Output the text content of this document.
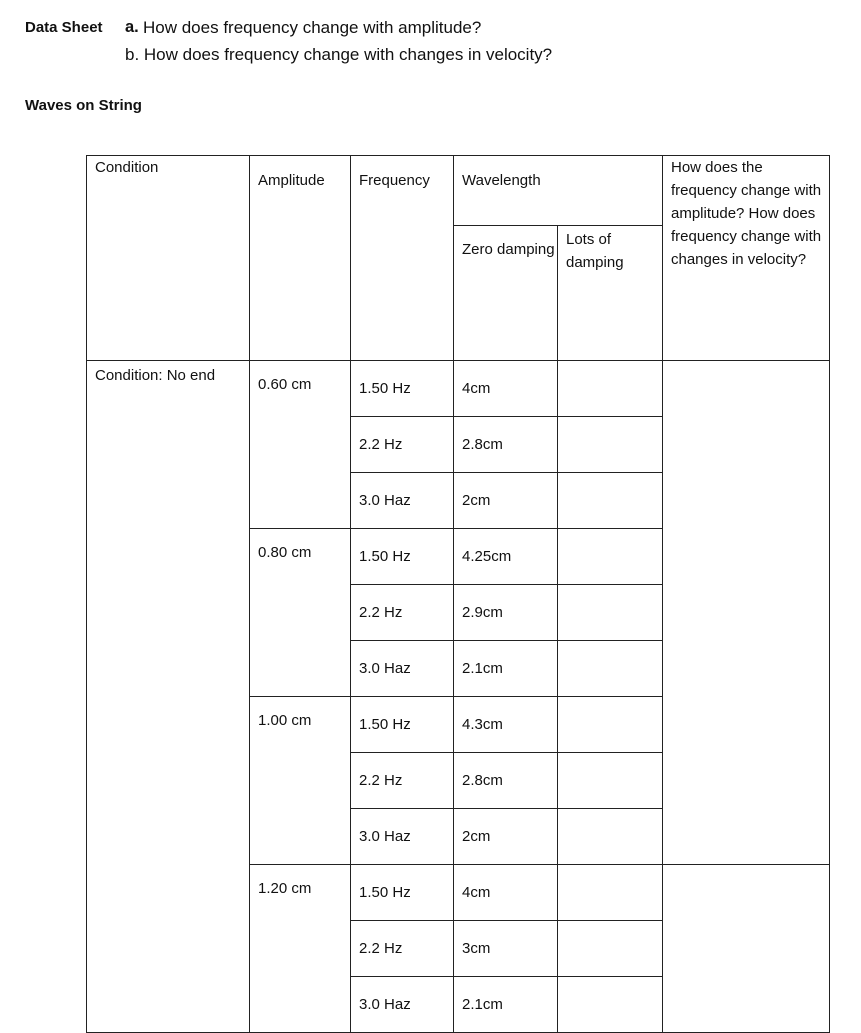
Data Sheet a. How does frequency change with amplitude?
b. How does frequency change with changes in velocity?
Waves on String
Condition	Amplitude	Frequency	Wavelength		How does the frequency change with amplitude? How does frequency change with changes in velocity?
			Zero damping	Lots of damping	
Condition: No end	0.60 cm	1.50 Hz	4cm		
		2.2 Hz	2.8cm		
		3.0 Haz	2cm		
	0.80 cm	1.50 Hz	4.25cm		
		2.2 Hz	2.9cm		
		3.0 Haz	2.1cm		
	1.00 cm	1.50 Hz	4.3cm		
		2.2 Hz	2.8cm		
		3.0 Haz	2cm		
	1.20 cm	1.50 Hz	4cm		
		2.2 Hz	3cm		
		3.0 Haz	2.1cm		
